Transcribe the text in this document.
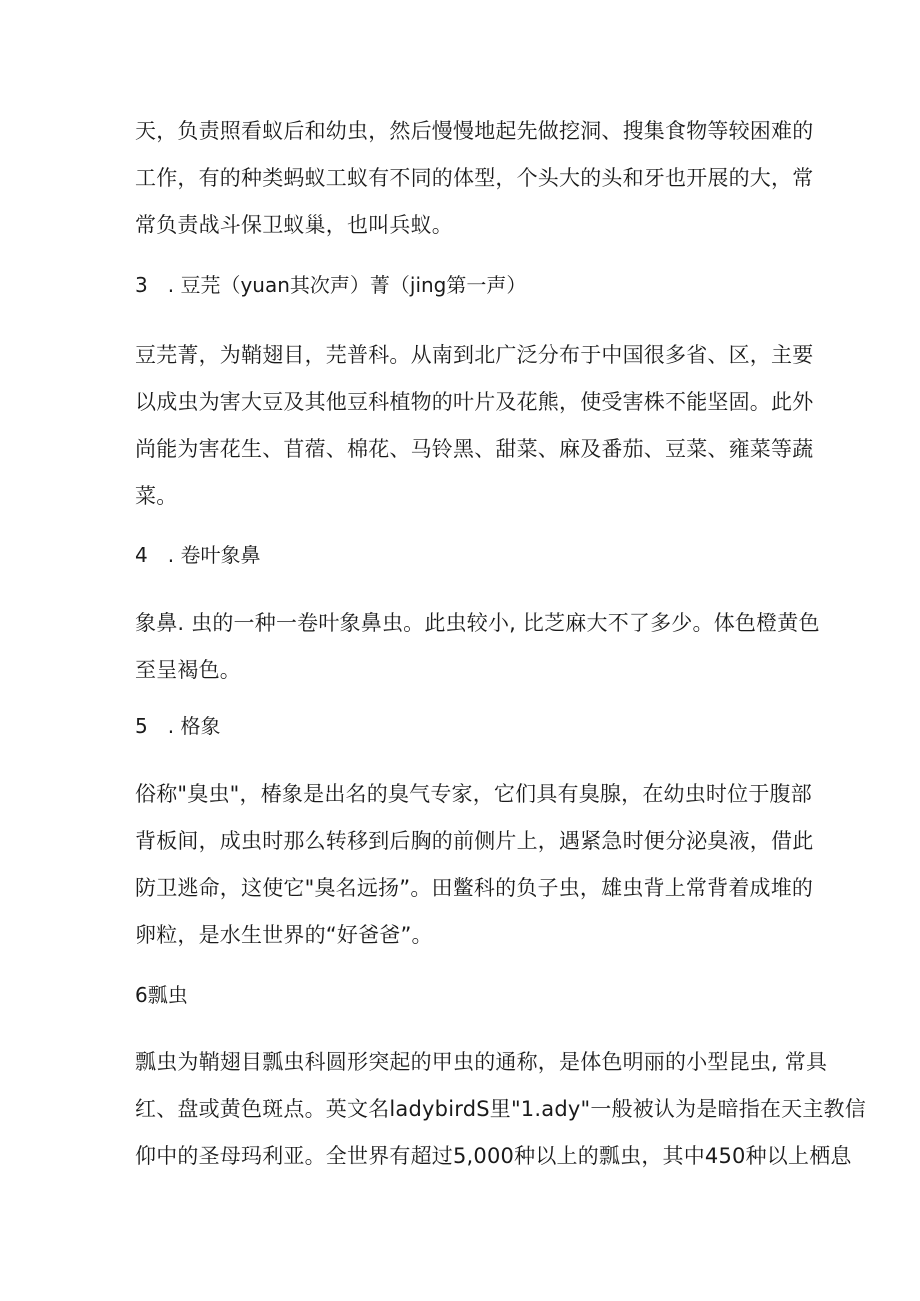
天，负责照看蚁后和幼虫，然后慢慢地起先做挖洞、搜集食物等较困难的
工作，有的种类蚂蚁工蚁有不同的体型，个头大的头和牙也开展的大，常
常负责战斗保卫蚁巢，也叫兵蚁。
3　. 豆芫（yuan其次声）菁（jing第一声）
豆芫菁，为鞘翅目，芫普科。从南到北广泛分布于中国很多省、区，主要
以成虫为害大豆及其他豆科植物的叶片及花熊，使受害株不能坚固。此外
尚能为害花生、苜蓿、棉花、马铃黑、甜菜、麻及番茄、豆菜、雍菜等蔬
菜。
4　. 卷叶象鼻
象鼻. 虫的一种一卷叶象鼻虫。此虫较小, 比芝麻大不了多少。体色橙黄色
至呈褐色。
5　. 格象
俗称"臭虫"，椿象是出名的臭气专家，它们具有臭腺，在幼虫时位于腹部
背板间，成虫时那么转移到后胸的前侧片上，遇紧急时便分泌臭液，借此
防卫逃命，这使它"臭名远扬”。田鳖科的负子虫，雄虫背上常背着成堆的
卵粒，是水生世界的“好爸爸”。
6瓢虫
瓢虫为鞘翅目瓢虫科圆形突起的甲虫的通称，是体色明丽的小型昆虫, 常具
红、盘或黄色斑点。英文名ladybirdS里"1.ady"一般被认为是暗指在天主教信
仰中的圣母玛利亚。全世界有超过5,000种以上的瓢虫，其中450种以上栖息
